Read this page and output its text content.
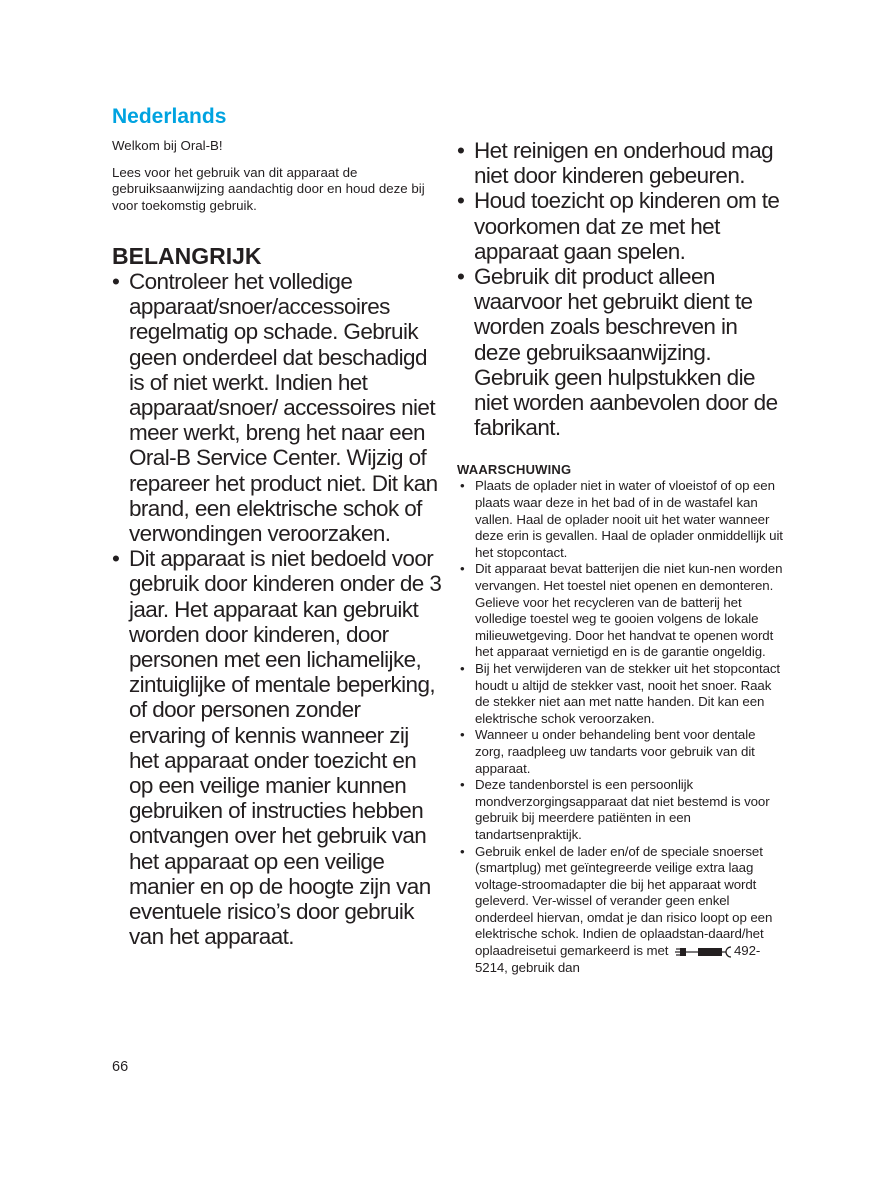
Nederlands

Welkom bij Oral-B!

Lees voor het gebruik van dit apparaat de gebruiksaanwijzing aandachtig door en houd deze bij voor toekomstig gebruik.

BELANGRIJK
• Controleer het volledige apparaat/snoer/accessoires regelmatig op schade. Gebruik geen onderdeel dat beschadigd is of niet werkt. Indien het apparaat/snoer/ accessoires niet meer werkt, breng het naar een Oral-B Service Center. Wijzig of repareer het product niet. Dit kan brand, een elektrische schok of verwondingen veroorzaken.
• Dit apparaat is niet bedoeld voor gebruik door kinderen onder de 3 jaar. Het apparaat kan gebruikt worden door kinderen, door personen met een lichamelijke, zintuiglijke of mentale beperking, of door personen zonder ervaring of kennis wanneer zij het apparaat onder toezicht en op een veilige manier kunnen gebruiken of instructies hebben ontvangen over het gebruik van het apparaat op een veilige manier en op de hoogte zijn van eventuele risico’s door gebruik van het apparaat.
• Het reinigen en onderhoud mag niet door kinderen gebeuren.
• Houd toezicht op kinderen om te voorkomen dat ze met het apparaat gaan spelen.
• Gebruik dit product alleen waarvoor het gebruikt dient te worden zoals beschreven in deze gebruiksaanwijzing. Gebruik geen hulpstukken die niet worden aanbevolen door de fabrikant.
WAARSCHUWING
• Plaats de oplader niet in water of vloeistof of op een plaats waar deze in het bad of in de wastafel kan vallen. Haal de oplader nooit uit het water wanneer deze erin is gevallen. Haal de oplader onmiddellijk uit het stopcontact.
• Dit apparaat bevat batterijen die niet kun-nen worden vervangen. Het toestel niet openen en demonteren. Gelieve voor het recycleren van de batterij het volledige toestel weg te gooien volgens de lokale milieuwetgeving. Door het handvat te openen wordt het apparaat vernietigd en is de garantie ongeldig.
• Bij het verwijderen van de stekker uit het stopcontact houdt u altijd de stekker vast, nooit het snoer. Raak de stekker niet aan met natte handen. Dit kan een elektrische schok veroorzaken.
• Wanneer u onder behandeling bent voor dentale zorg, raadpleeg uw tandarts voor gebruik van dit apparaat.
• Deze tandenborstel is een persoonlijk mondverzorgingsapparaat dat niet bestemd is voor gebruik bij meerdere patiënten in een tandartsenpraktijk.
• Gebruik enkel de lader en/of de speciale snoerset (smartplug) met geïntegreerde veilige extra laag voltage-stroomadapter die bij het apparaat wordt geleverd. Ver-wissel of verander geen enkel onderdeel hiervan, omdat je dan risico loopt op een elektrische schok. Indien de oplaadstan-daard/het oplaadreisetui gemarkeerd is met	492-5214, gebruik dan
66
